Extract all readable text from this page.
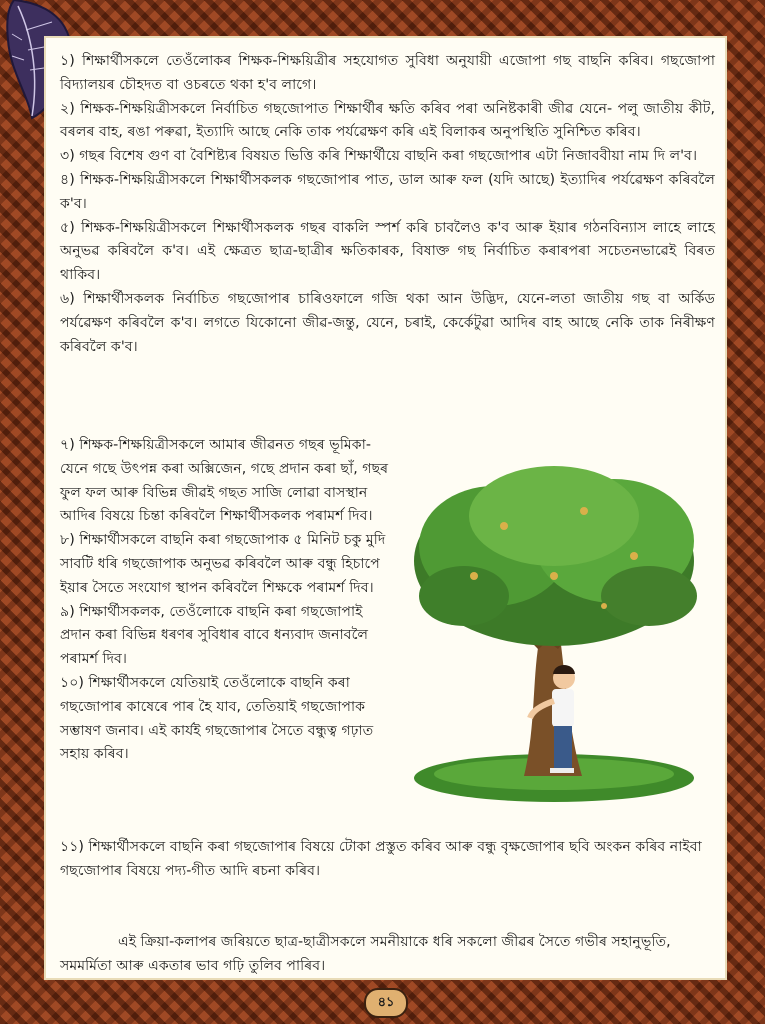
১) শিক্ষাৰ্থীসকলে তেওঁলোকৰ শিক্ষক-শিক্ষয়িত্ৰীৰ সহযোগত সুবিধা অনুযায়ী এজোপা গছ বাছনি কৰিব। গছজোপা বিদ্যালয়ৰ চৌহদত বা ওচৰতে থকা হ'ব লাগে।

২) শিক্ষক-শিক্ষয়িত্ৰীসকলে নিৰ্বাচিত গছজোপাত শিক্ষাৰ্থীৰ ক্ষতি কৰিব পৰা অনিষ্টকাৰী জীৱ যেনে- পলু জাতীয় কীট, বৰলৰ বাহ, ৰঙা পৰুৱা, ইত্যাদি আছে নেকি তাক পৰ্যৱেক্ষণ কৰি এই বিলাকৰ অনুপস্থিতি সুনিশ্চিত কৰিব।

৩) গছৰ বিশেষ গুণ বা বৈশিষ্ট্যৰ বিষয়ত ভিত্তি কৰি শিক্ষাৰ্থীয়ে বাছনি কৰা গছজোপাৰ এটা নিজাববীয়া নাম দি ল'ব।

৪) শিক্ষক-শিক্ষয়িত্ৰীসকলে শিক্ষাৰ্থীসকলক গছজোপাৰ পাত, ডাল আৰু ফল (যদি আছে) ইত্যাদিৰ পৰ্যৱেক্ষণ কৰিবলৈ ক'ব।

৫) শিক্ষক-শিক্ষয়িত্ৰীসকলে শিক্ষাৰ্থীসকলক গছৰ বাকলি স্পৰ্শ কৰি চাবলৈও ক'ব আৰু ইয়াৰ গঠনবিন্যাস লাহে লাহে অনুভৱ কৰিবলৈ ক'ব। এই ক্ষেত্ৰত ছাত্ৰ-ছাত্ৰীৰ ক্ষতিকাৰক, বিষাক্ত গছ নিৰ্বাচিত কৰাৰপৰা সচেতনভাৱেই বিৰত থাকিব।

৬) শিক্ষাৰ্থীসকলক নিৰ্বাচিত গছজোপাৰ চাৰিওফালে গজি থকা আন উদ্ভিদ, যেনে-লতা জাতীয় গছ বা অৰ্কিড পৰ্যৱেক্ষণ কৰিবলৈ ক'ব। লগতে যিকোনো জীৱ-জন্তু, যেনে, চৰাই, কেৰ্কেটুৱা আদিৰ বাহ আছে নেকি তাক নিৰীক্ষণ কৰিবলৈ ক'ব।

৭) শিক্ষক-শিক্ষয়িত্ৰীসকলে আমাৰ জীৱনত গছৰ ভূমিকা- যেনে গছে উৎপন্ন কৰা অক্সিজেন, গছে প্ৰদান কৰা ছাঁ, গছৰ ফুল ফল আৰু বিভিন্ন জীৱই গছত সাজি লোৱা বাসস্থান আদিৰ বিষয়ে চিন্তা কৰিবলৈ শিক্ষাৰ্থীসকলক পৰামৰ্শ দিব।

৮) শিক্ষাৰ্থীসকলে বাছনি কৰা গছজোপাক ৫ মিনিট চকু মুদি সাবটি ধৰি গছজোপাক অনুভৱ কৰিবলৈ আৰু বন্ধু হিচাপে ইয়াৰ সৈতে সংযোগ স্থাপন কৰিবলৈ শিক্ষকে পৰামৰ্শ দিব।

৯) শিক্ষাৰ্থীসকলক, তেওঁলোকে বাছনি কৰা গছজোপাই প্ৰদান কৰা বিভিন্ন ধৰণৰ সুবিধাৰ বাবে ধন্যবাদ জনাবলৈ পৰামৰ্শ দিব।

১০) শিক্ষাৰ্থীসকলে যেতিয়াই তেওঁলোকে বাছনি কৰা গছজোপাৰ কাষেৰে পাৰ হৈ যাব, তেতিয়াই গছজোপাক সম্ভাষণ জনাব। এই কাৰ্যই গছজোপাৰ সৈতে বন্ধুত্ব গঢ়াত সহায় কৰিব।

১১) শিক্ষাৰ্থীসকলে বাছনি কৰা গছজোপাৰ বিষয়ে টোকা প্ৰস্তুত কৰিব আৰু বন্ধু বৃক্ষজোপাৰ ছবি অংকন কৰিব নাইবা গছজোপাৰ বিষয়ে পদ্য-গীত আদি ৰচনা কৰিব।

এই ক্ৰিয়া-কলাপৰ জৰিয়তে ছাত্ৰ-ছাত্ৰীসকলে সমনীয়াকে ধৰি সকলো জীৱৰ সৈতে গভীৰ সহানুভূতি, সমমৰ্মিতা আৰু একতাৰ ভাব গঢ়ি তুলিব পাৰিব।

৪১
